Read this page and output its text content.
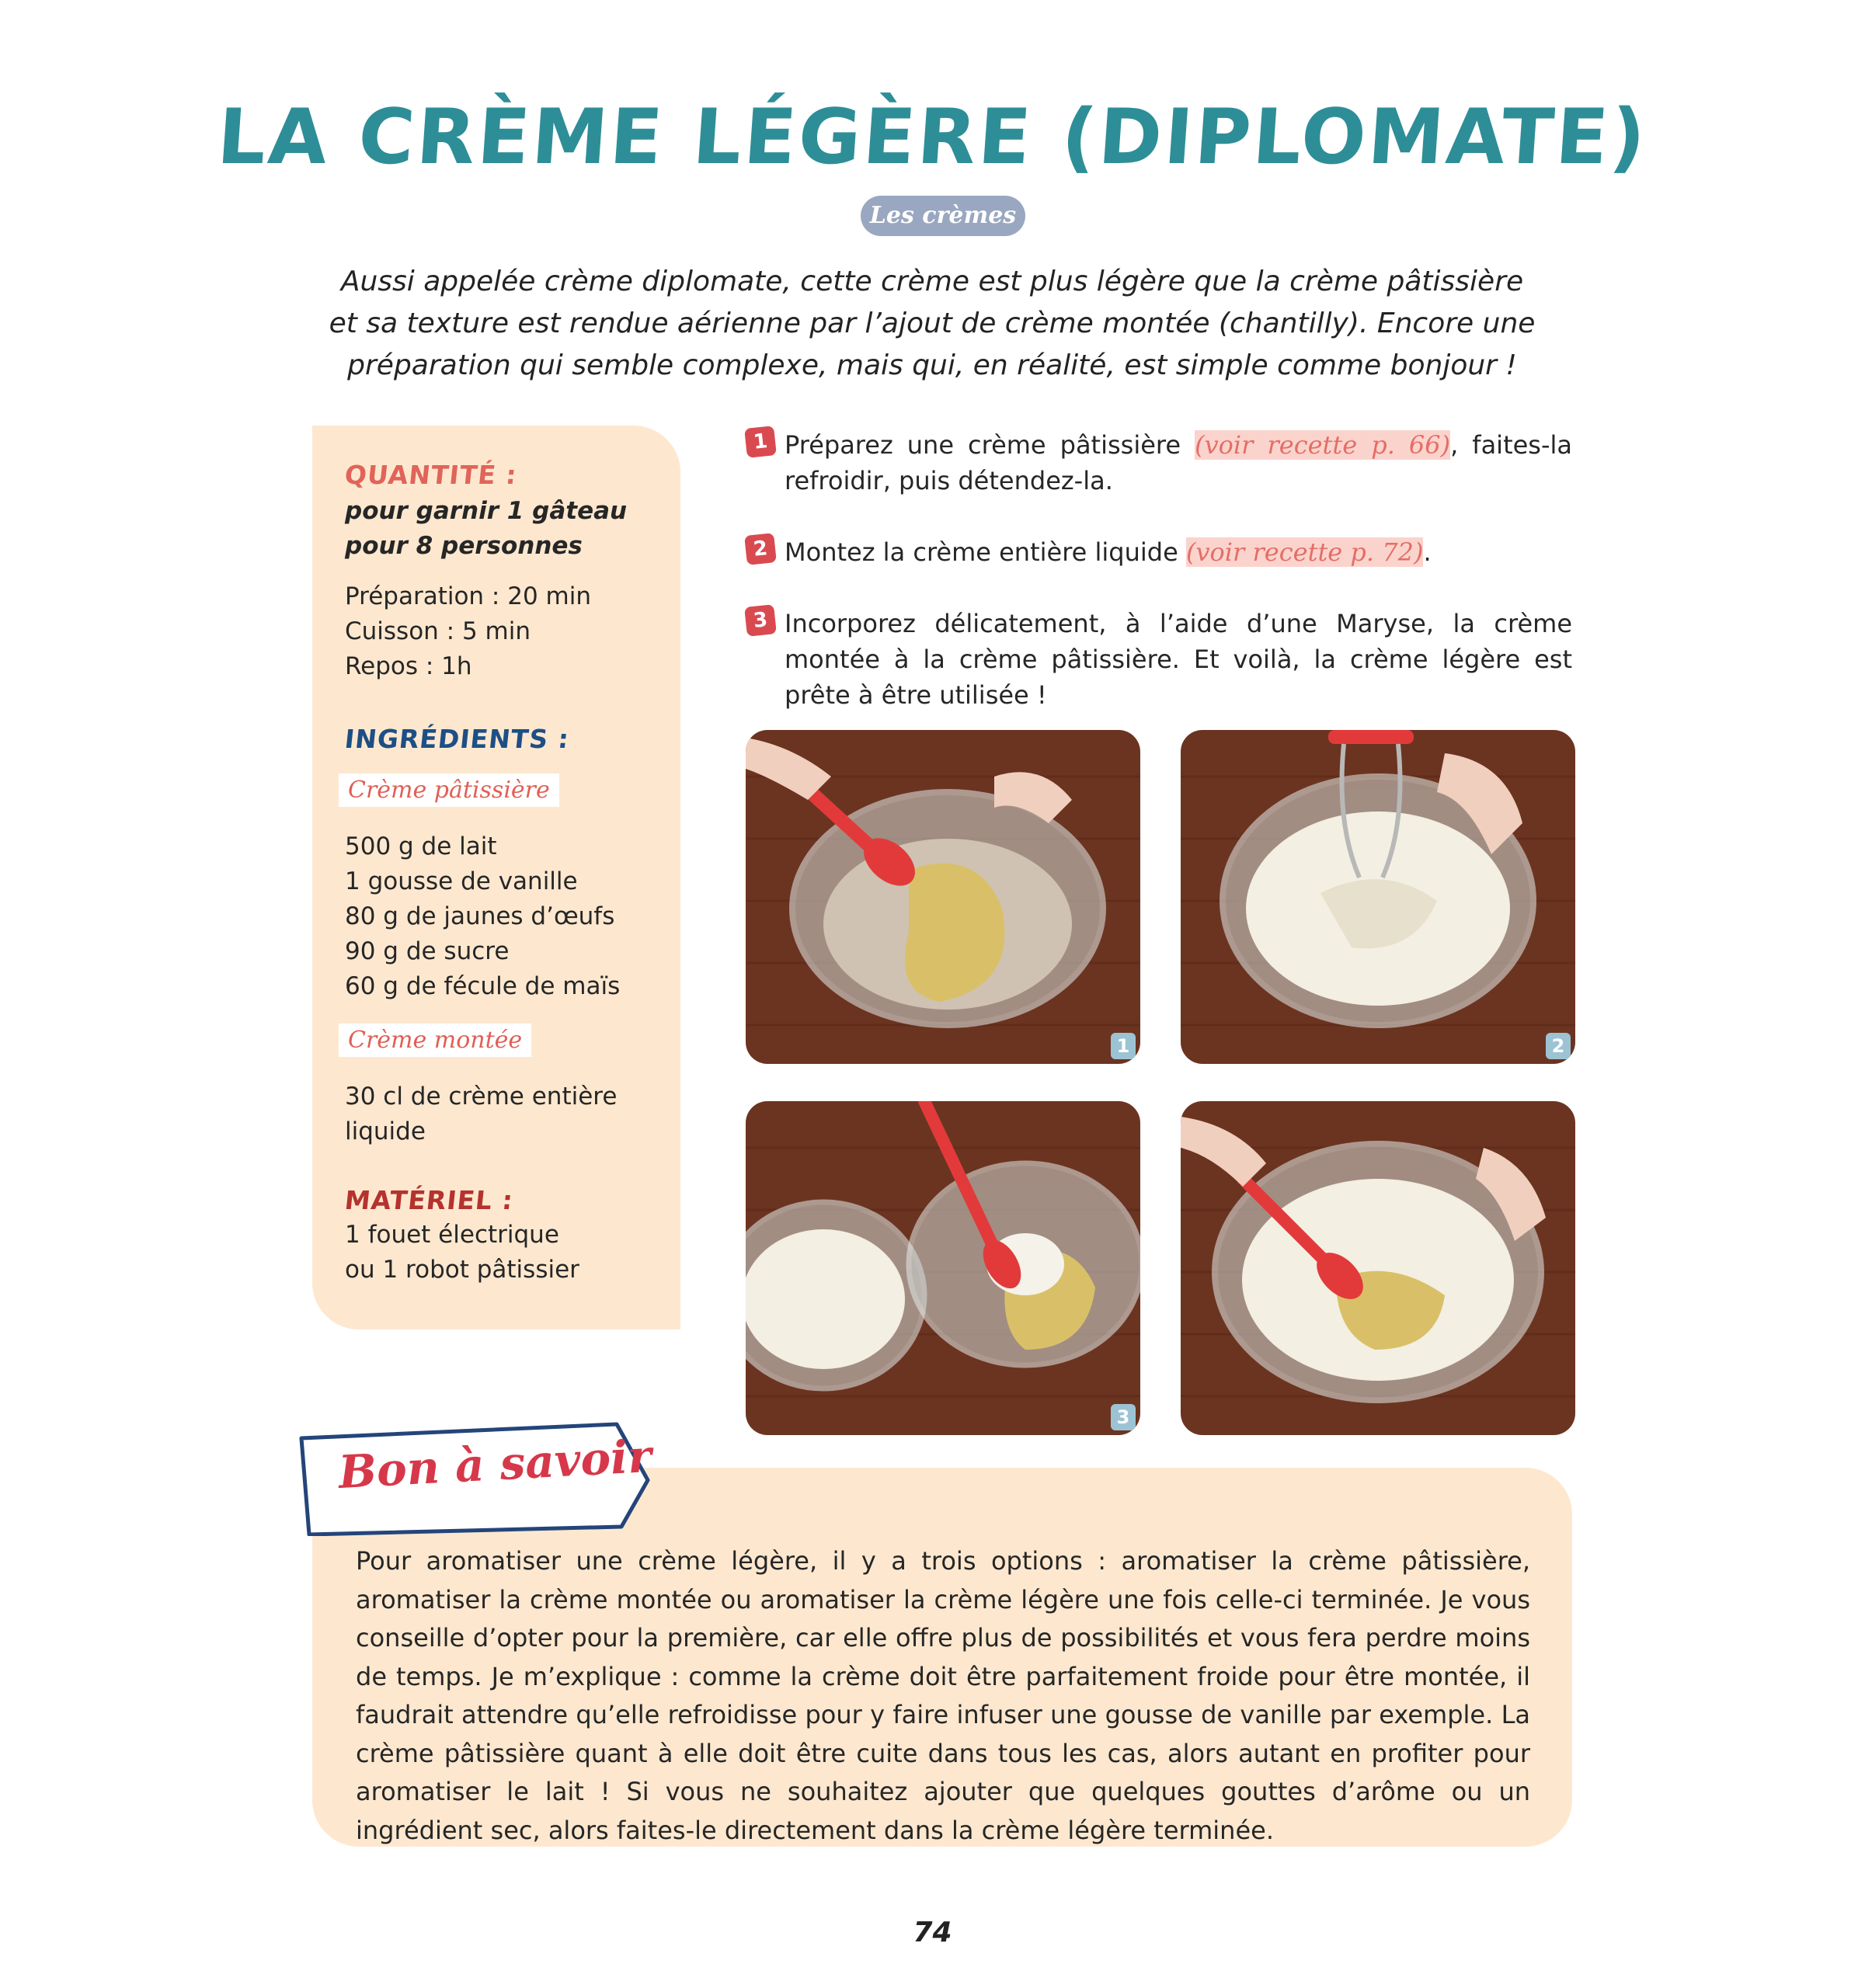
LA CRÈME LÉGÈRE (DIPLOMATE)
Les crèmes
Aussi appelée crème diplomate, cette crème est plus légère que la crème pâtissière
et sa texture est rendue aérienne par l’ajout de crème montée (chantilly). Encore une
préparation qui semble complexe, mais qui, en réalité, est simple comme bonjour !
QUANTITÉ :
pour garnir 1 gâteau
pour 8 personnes
Préparation : 20 min
Cuisson : 5 min
Repos : 1h
INGRÉDIENTS :
Crème pâtissière
500 g de lait
1 gousse de vanille
80 g de jaunes d’œufs
90 g de sucre
60 g de fécule de maïs
Crème montée
30 cl de crème entière
liquide
MATÉRIEL :
1 fouet électrique
ou 1 robot pâtissier
1 Préparez une crème pâtissière (voir recette p. 66), faites-la refroidir, puis détendez-la.
2 Montez la crème entière liquide (voir recette p. 72).
3 Incorporez délicatement, à l’aide d’une Maryse, la crème montée à la crème pâtissière. Et voilà, la crème légère est prête à être utilisée !
1	2
3
Bon à savoir
Pour aromatiser une crème légère, il y a trois options : aromatiser la crème pâtissière, aromatiser la crème montée ou aromatiser la crème légère une fois celle-ci terminée. Je vous conseille d’opter pour la première, car elle offre plus de possibilités et vous fera perdre moins de temps. Je m’explique : comme la crème doit être parfaitement froide pour être montée, il faudrait attendre qu’elle refroidisse pour y faire infuser une gousse de vanille par exemple. La crème pâtissière quant à elle doit être cuite dans tous les cas, alors autant en profiter pour aromatiser le lait ! Si vous ne souhaitez ajouter que quelques gouttes d’arôme ou un ingrédient sec, alors faites-le directement dans la crème légère terminée.
74
